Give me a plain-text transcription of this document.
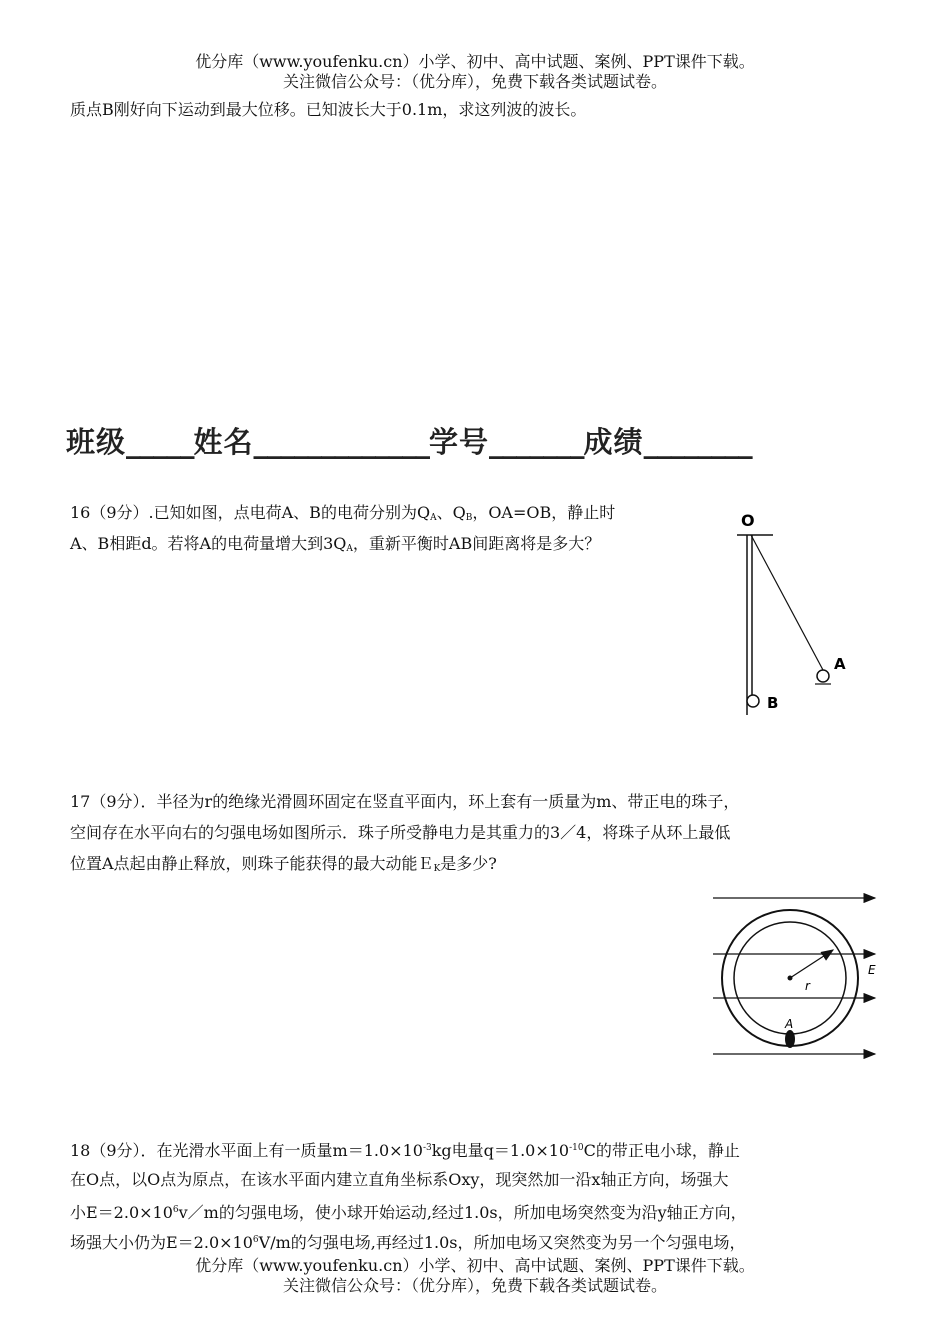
优分库（www.youfenku.cn）小学、初中、高中试题、案例、PPT课件下载。
关注微信公众号：（优分库），免费下载各类试题试卷。
质点B刚好向下运动到最大位移。已知波长大于0.1m，求这列波的波长。
班级_____姓名_____________学号_______成绩________
16（9分）.已知如图，点电荷A、B的电荷分别为$Q_A$、$Q_B$，OA=OB，静止时
A、B相距d。若将A的电荷量增大到$3Q_A$，重新平衡时AB间距离将是多大？
O
A
B
17（9分）．半径为r的绝缘光滑圆环固定在竖直平面内，环上套有一质量为m、带正电的珠子，
空间存在水平向右的匀强电场如图所示．珠子所受静电力是其重力的3／4，将珠子从环上最低
位置A点起由静止释放，则珠子能获得的最大动能Ｅ$_K$是多少?
r
A
E
18（9分）．在光滑水平面上有一质量$m=1.0\times 10^{-3}kg$电量$q=1.0\times 10^{-10}C$的带正电小球，静止
在O点，以O点为原点，在该水平面内建立直角坐标系Oxy，现突然加一沿x轴正方向，场强大
小$E=2.0\times 10^6v/m$的匀强电场，使小球开始运动,经过1.0s，所加电场突然变为沿y轴正方向，
场强大小仍为$E=2.0\times 10^6V/m$的匀强电场,再经过1.0s，所加电场又突然变为另一个匀强电场，
优分库（www.youfenku.cn）小学、初中、高中试题、案例、PPT课件下载。
关注微信公众号：（优分库），免费下载各类试题试卷。
